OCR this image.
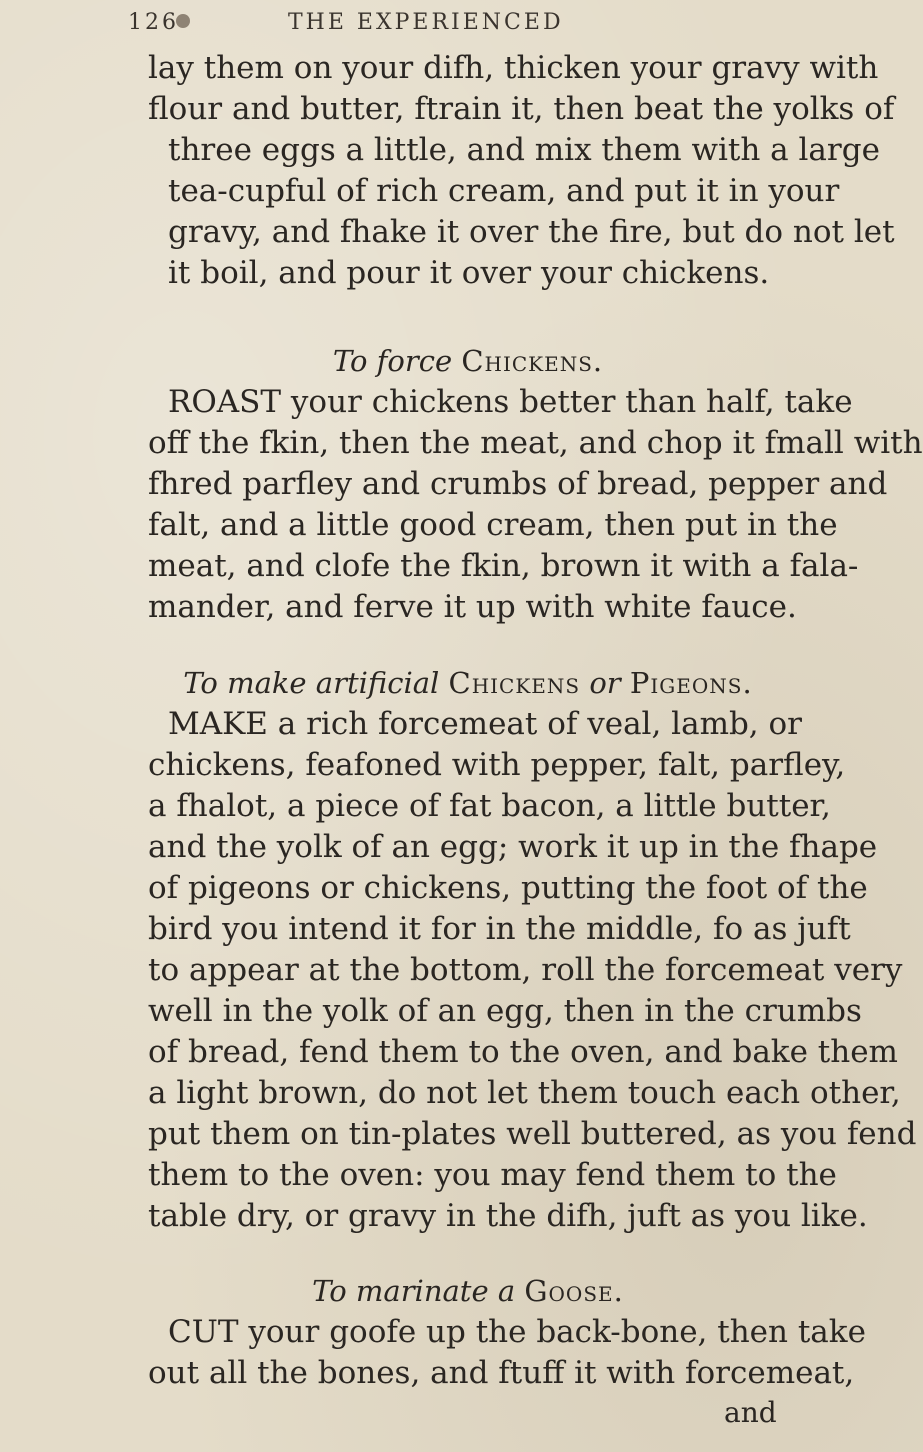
126	THE EXPERIENCED
lay them on your difh, thicken your gravy with
flour and butter, ftrain it, then beat the yolks of
three eggs a little, and mix them with a large
tea-cupful of rich cream, and put it in your
gravy, and fhake it over the fire, but do not let
it boil, and pour it over your chickens.
To force Chickens.
ROAST your chickens better than half, take
off the fkin, then the meat, and chop it fmall with
fhred parfley and crumbs of bread, pepper and
falt, and a little good cream, then put in the
meat, and clofe the fkin, brown it with a fala-
mander, and ferve it up with white fauce.
To make artificial Chickens or Pigeons.
MAKE a rich forcemeat of veal, lamb, or
chickens, feafoned with pepper, falt, parfley,
a fhalot, a piece of fat bacon, a little butter,
and the yolk of an egg; work it up in the fhape
of pigeons or chickens, putting the foot of the
bird you intend it for in the middle, fo as juft
to appear at the bottom, roll the forcemeat very
well in the yolk of an egg, then in the crumbs
of bread, fend them to the oven, and bake them
a light brown, do not let them touch each other,
put them on tin-plates well buttered, as you fend
them to the oven: you may fend them to the
table dry, or gravy in the difh, juft as you like.
To marinate a Goose.
CUT your goofe up the back-bone, then take
out all the bones, and ftuff it with forcemeat,
and
